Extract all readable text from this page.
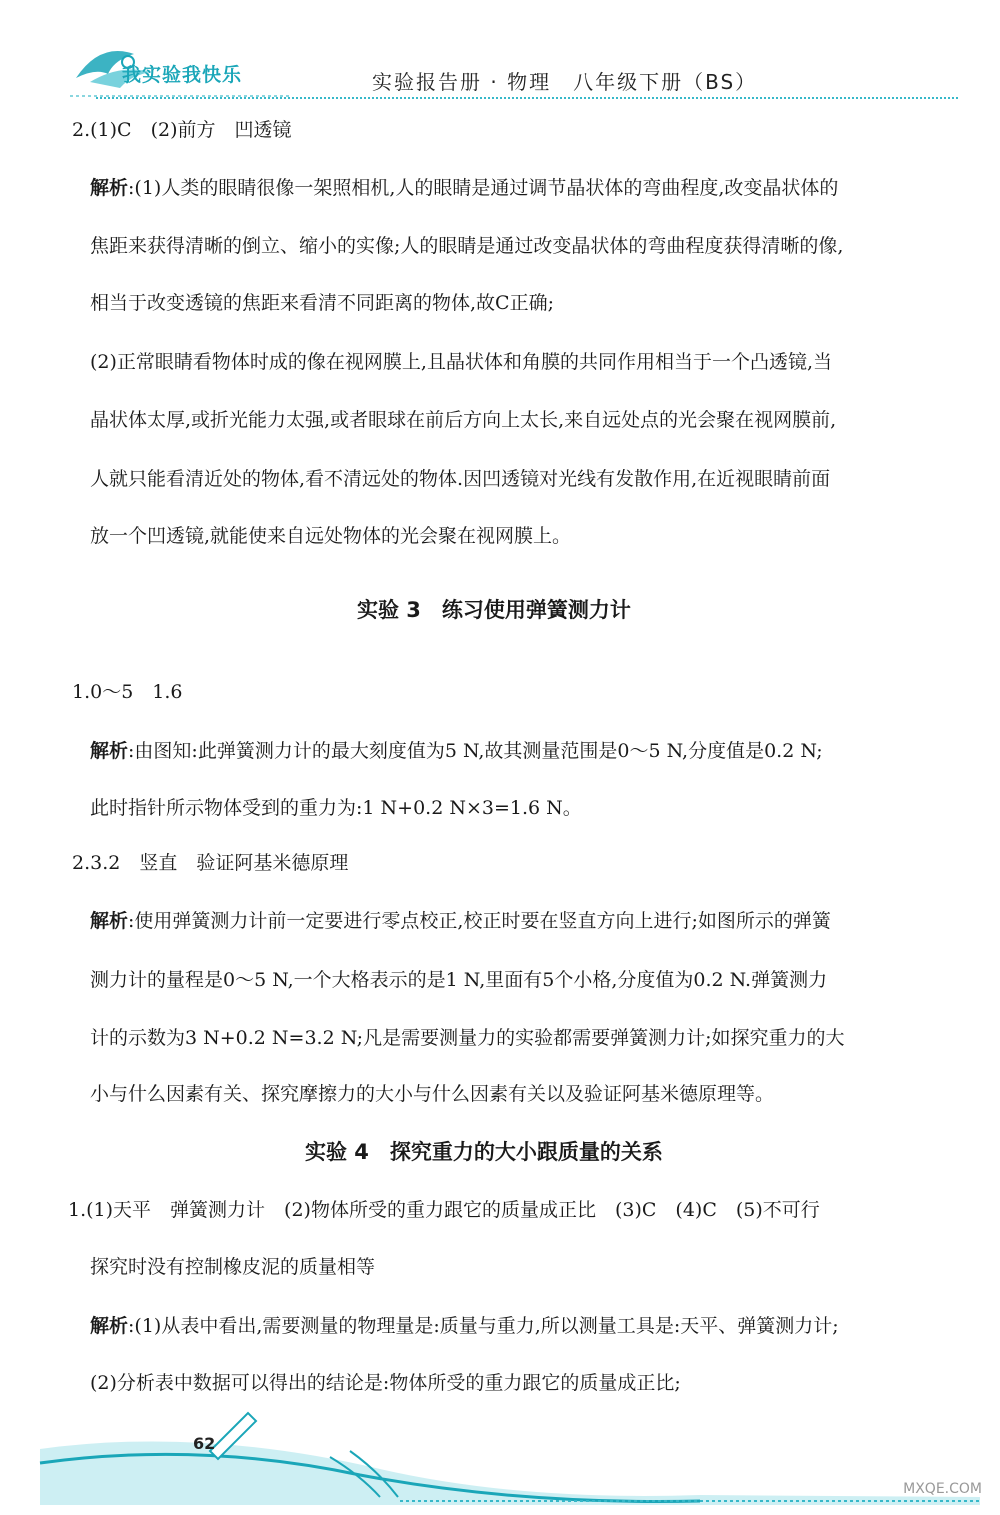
我实验我快乐	实验报告册 · 物理　八年级下册（BS）
2.(1)C　(2)前方　凹透镜
解析:(1)人类的眼睛很像一架照相机,人的眼睛是通过调节晶状体的弯曲程度,改变晶状体的
焦距来获得清晰的倒立、缩小的实像;人的眼睛是通过改变晶状体的弯曲程度获得清晰的像,
相当于改变透镜的焦距来看清不同距离的物体,故C正确;
(2)正常眼睛看物体时成的像在视网膜上,且晶状体和角膜的共同作用相当于一个凸透镜,当
晶状体太厚,或折光能力太强,或者眼球在前后方向上太长,来自远处点的光会聚在视网膜前,
人就只能看清近处的物体,看不清远处的物体.因凹透镜对光线有发散作用,在近视眼睛前面
放一个凹透镜,就能使来自远处物体的光会聚在视网膜上。
实验 3　练习使用弹簧测力计
1.0～5　1.6
解析:由图知:此弹簧测力计的最大刻度值为5 N,故其测量范围是0～5 N,分度值是0.2 N;
此时指针所示物体受到的重力为:1 N+0.2 N×3=1.6 N。
2.3.2　竖直　验证阿基米德原理
解析:使用弹簧测力计前一定要进行零点校正,校正时要在竖直方向上进行;如图所示的弹簧
测力计的量程是0～5 N,一个大格表示的是1 N,里面有5个小格,分度值为0.2 N.弹簧测力
计的示数为3 N+0.2 N=3.2 N;凡是需要测量力的实验都需要弹簧测力计;如探究重力的大
小与什么因素有关、探究摩擦力的大小与什么因素有关以及验证阿基米德原理等。
实验 4　探究重力的大小跟质量的关系
1.(1)天平　弹簧测力计　(2)物体所受的重力跟它的质量成正比　(3)C　(4)C　(5)不可行
探究时没有控制橡皮泥的质量相等
解析:(1)从表中看出,需要测量的物理量是:质量与重力,所以测量工具是:天平、弹簧测力计;
(2)分析表中数据可以得出的结论是:物体所受的重力跟它的质量成正比;
62
MXQE.COM
